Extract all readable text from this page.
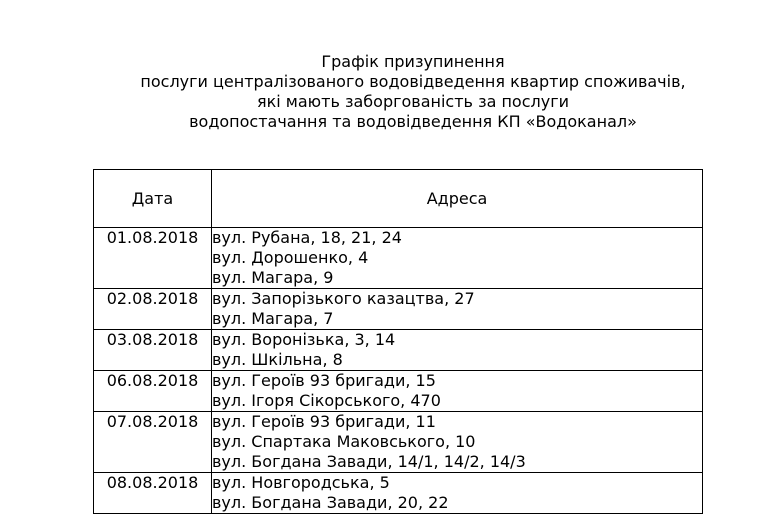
Графік призупинення
послуги централізованого водовідведення квартир споживачів,
які мають заборгованість за послуги
водопостачання та водовідведення КП «Водоканал»
Дата	Адреса
01.08.2018	вул. Рубана, 18, 21, 24
вул. Дорошенко, 4
вул. Магара, 9

02.08.2018	вул. Запорізького казацтва, 27
вул. Магара, 7

03.08.2018	вул. Воронізька, 3, 14
вул. Шкільна, 8

06.08.2018	вул. Героїв 93 бригади, 15
вул. Ігоря Сікорського, 470

07.08.2018	вул. Героїв 93 бригади, 11
вул. Спартака Маковського, 10
вул. Богдана Завади, 14/1, 14/2, 14/3

08.08.2018	вул. Новгородська, 5
вул. Богдана Завади, 20, 22
